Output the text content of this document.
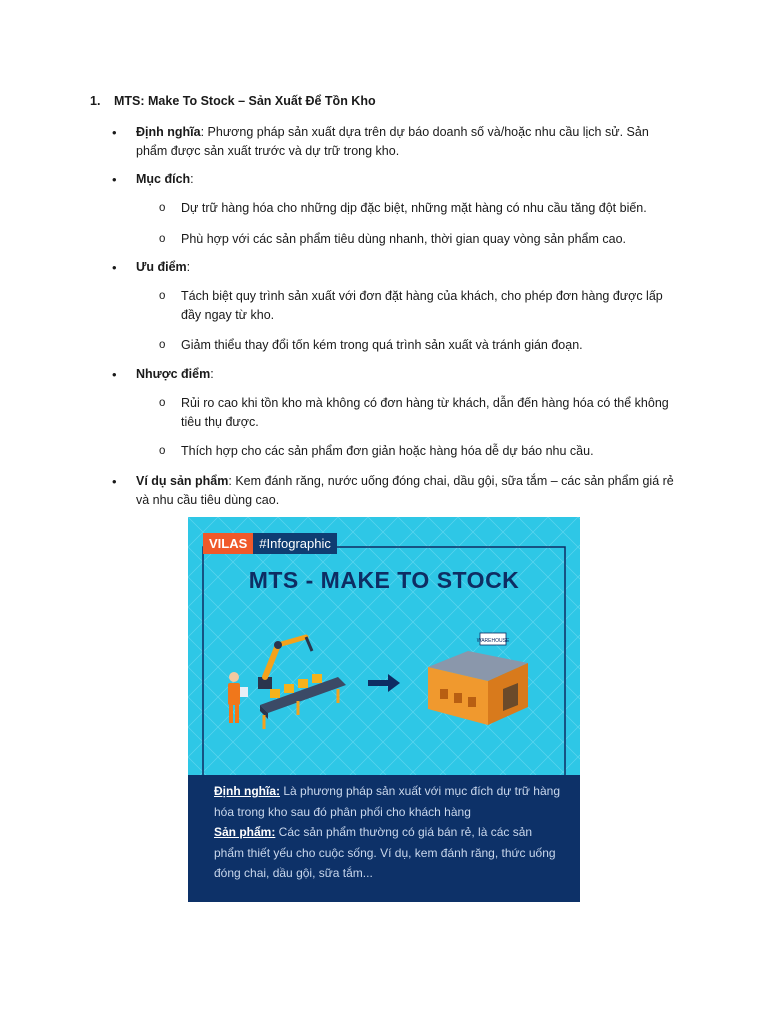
1. MTS: Make To Stock – Sản Xuất Để Tồn Kho
• Định nghĩa: Phương pháp sản xuất dựa trên dự báo doanh số và/hoặc nhu cầu lịch sử. Sản phẩm được sản xuất trước và dự trữ trong kho.
• Mục đích:
o Dự trữ hàng hóa cho những dịp đặc biệt, những mặt hàng có nhu cầu tăng đột biến.
o Phù hợp với các sản phẩm tiêu dùng nhanh, thời gian quay vòng sản phẩm cao.
• Ưu điểm:
o Tách biệt quy trình sản xuất với đơn đặt hàng của khách, cho phép đơn hàng được lấp đầy ngay từ kho.
o Giảm thiểu thay đổi tốn kém trong quá trình sản xuất và tránh gián đoạn.
• Nhược điểm:
o Rủi ro cao khi tồn kho mà không có đơn hàng từ khách, dẫn đến hàng hóa có thể không tiêu thụ được.
o Thích hợp cho các sản phẩm đơn giản hoặc hàng hóa dễ dự báo nhu cầu.
• Ví dụ sản phẩm: Kem đánh răng, nước uống đóng chai, dầu gội, sữa tắm – các sản phẩm giá rẻ và nhu cầu tiêu dùng cao.
WAREHOUSE
VILAS #Infographic
MTS - MAKE TO STOCK
Định nghĩa: Là phương pháp sản xuất với mục đích dự trữ hàng hóa trong kho sau đó phân phối cho khách hàng
Sản phẩm: Các sản phẩm thường có giá bán rẻ, là các sản phẩm thiết yếu cho cuộc sống. Ví dụ, kem đánh răng, thức uống đóng chai, dầu gội, sữa tắm...
